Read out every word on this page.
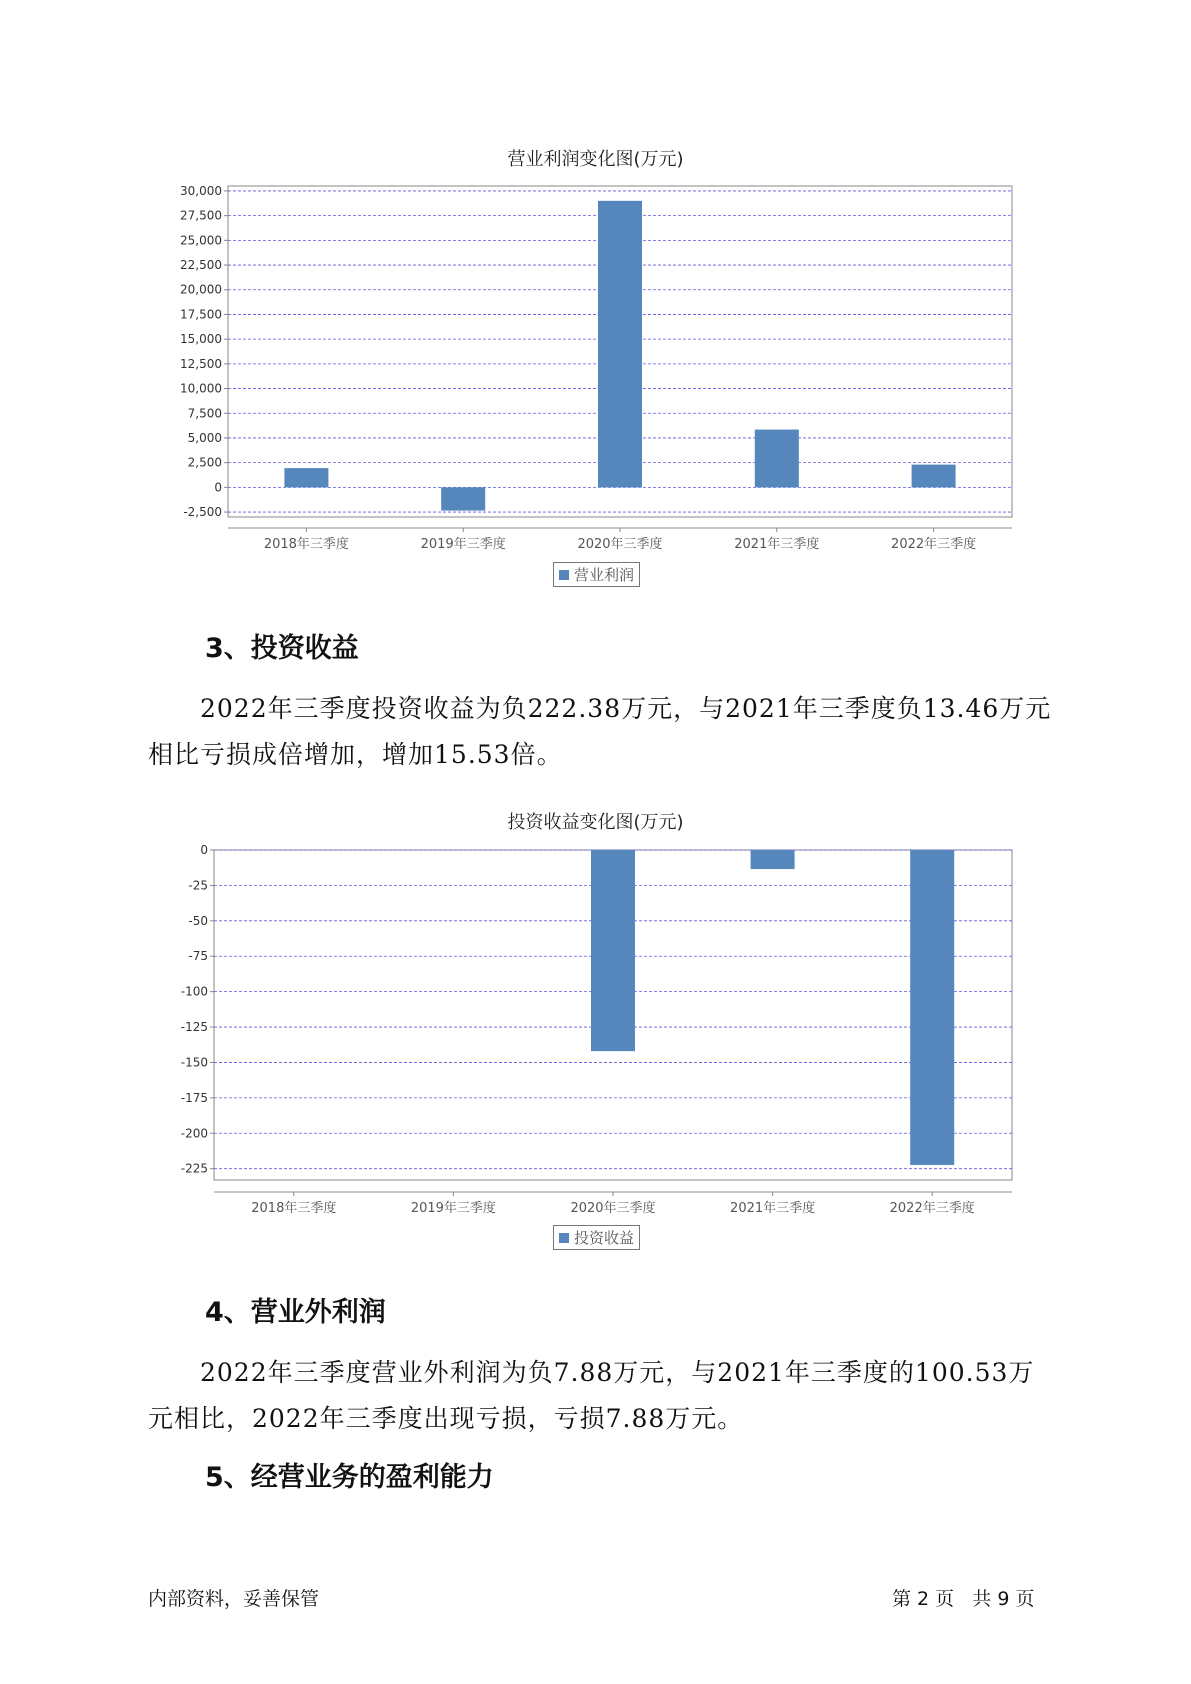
营业利润变化图(万元)
30,000
27,500
25,000
22,500
20,000
17,500
15,000
12,500
10,000
7,500
5,000
2,500
0
-2,500
2018年三季度	2019年三季度	2020年三季度	2021年三季度	2022年三季度
营业利润
3、投资收益

2022年三季度投资收益为负222.38万元，与2021年三季度负13.46万元相比亏损成倍增加，增加15.53倍。

投资收益变化图(万元)
0
-25
-50
-75
-100
-125
-150
-175
-200
-225
2018年三季度	2019年三季度	2020年三季度	2021年三季度	2022年三季度
投资收益
4、营业外利润

2022年三季度营业外利润为负7.88万元，与2021年三季度的100.53万元相比，2022年三季度出现亏损，亏损7.88万元。

5、经营业务的盈利能力
内部资料，妥善保管	第 2 页   共 9 页
